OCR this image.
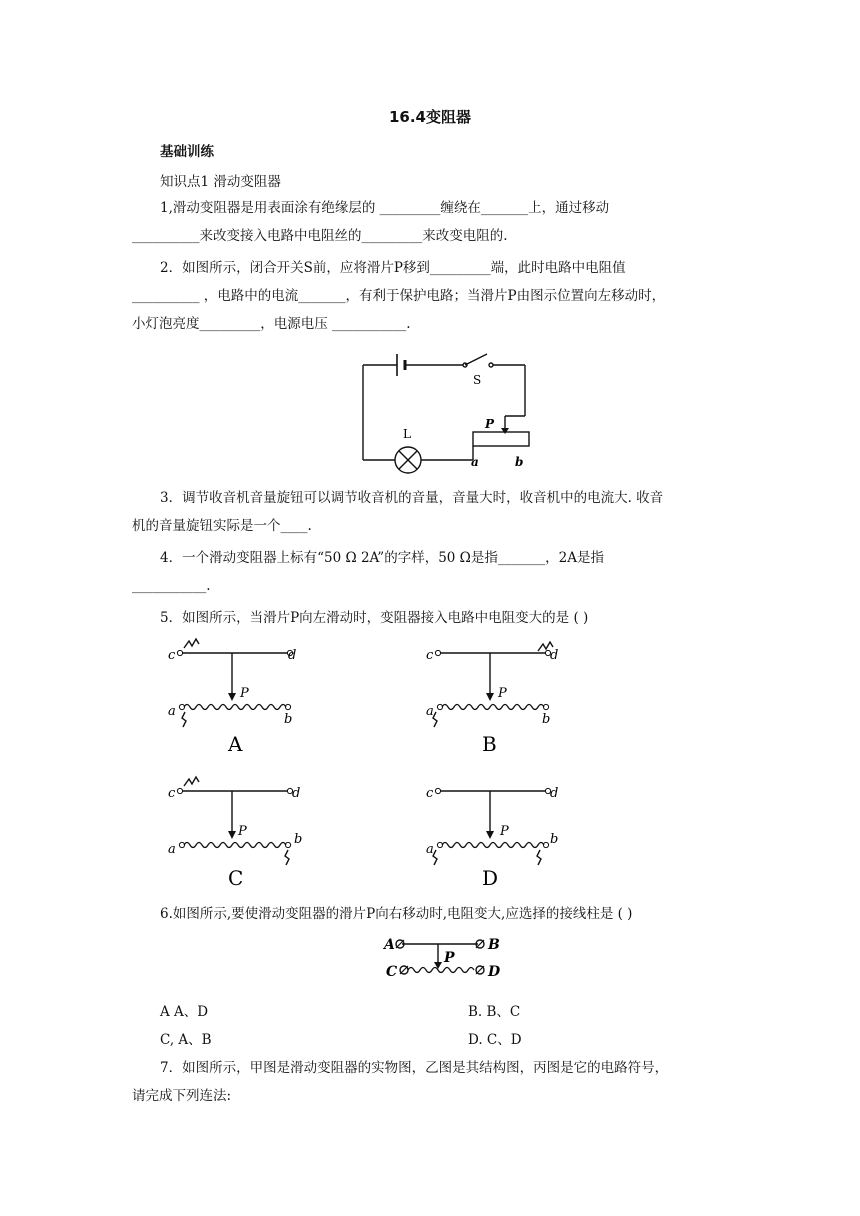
16.4变阻器
基础训练
知识点1 滑动变阻器
1,滑动变阻器是用表面涂有绝缘层的 _________缠绕在_______上，通过移动
__________来改变接入电路中电阻丝的_________来改变电阻的.
2．如图所示，闭合开关S前，应将滑片P移到_________端，此时电路中电阻值
__________ ，电路中的电流_______，有利于保护电路；当滑片P由图示位置向左移动时，
小灯泡亮度_________，电源电压 ___________.
S
L
P
a	b
3．调节收音机音量旋钮可以调节收音机的音量，音量大时，收音机中的电流大. 收音
机的音量旋钮实际是一个____.
4．一个滑动变阻器上标有“50 Ω 2A”的字样，50 Ω是指_______，2A是指
___________.
5．如图所示，当滑片P向左滑动时，变阻器接入电路中电阻变大的是 ( )
c	d
a
b
P
A
c	d
a
b
P
B
c	d
a
b
P
C
c	d
a
b
P
D
6.如图所示,要使滑动变阻器的滑片P向右移动时,电阻变大,应选择的接线柱是 ( )
A	B
C	D
P
A A、D	B. B、C
C, A、B	D. C、D
7．如图所示，甲图是滑动变阻器的实物图，乙图是其结构图，丙图是它的电路符号，
请完成下列连法:
